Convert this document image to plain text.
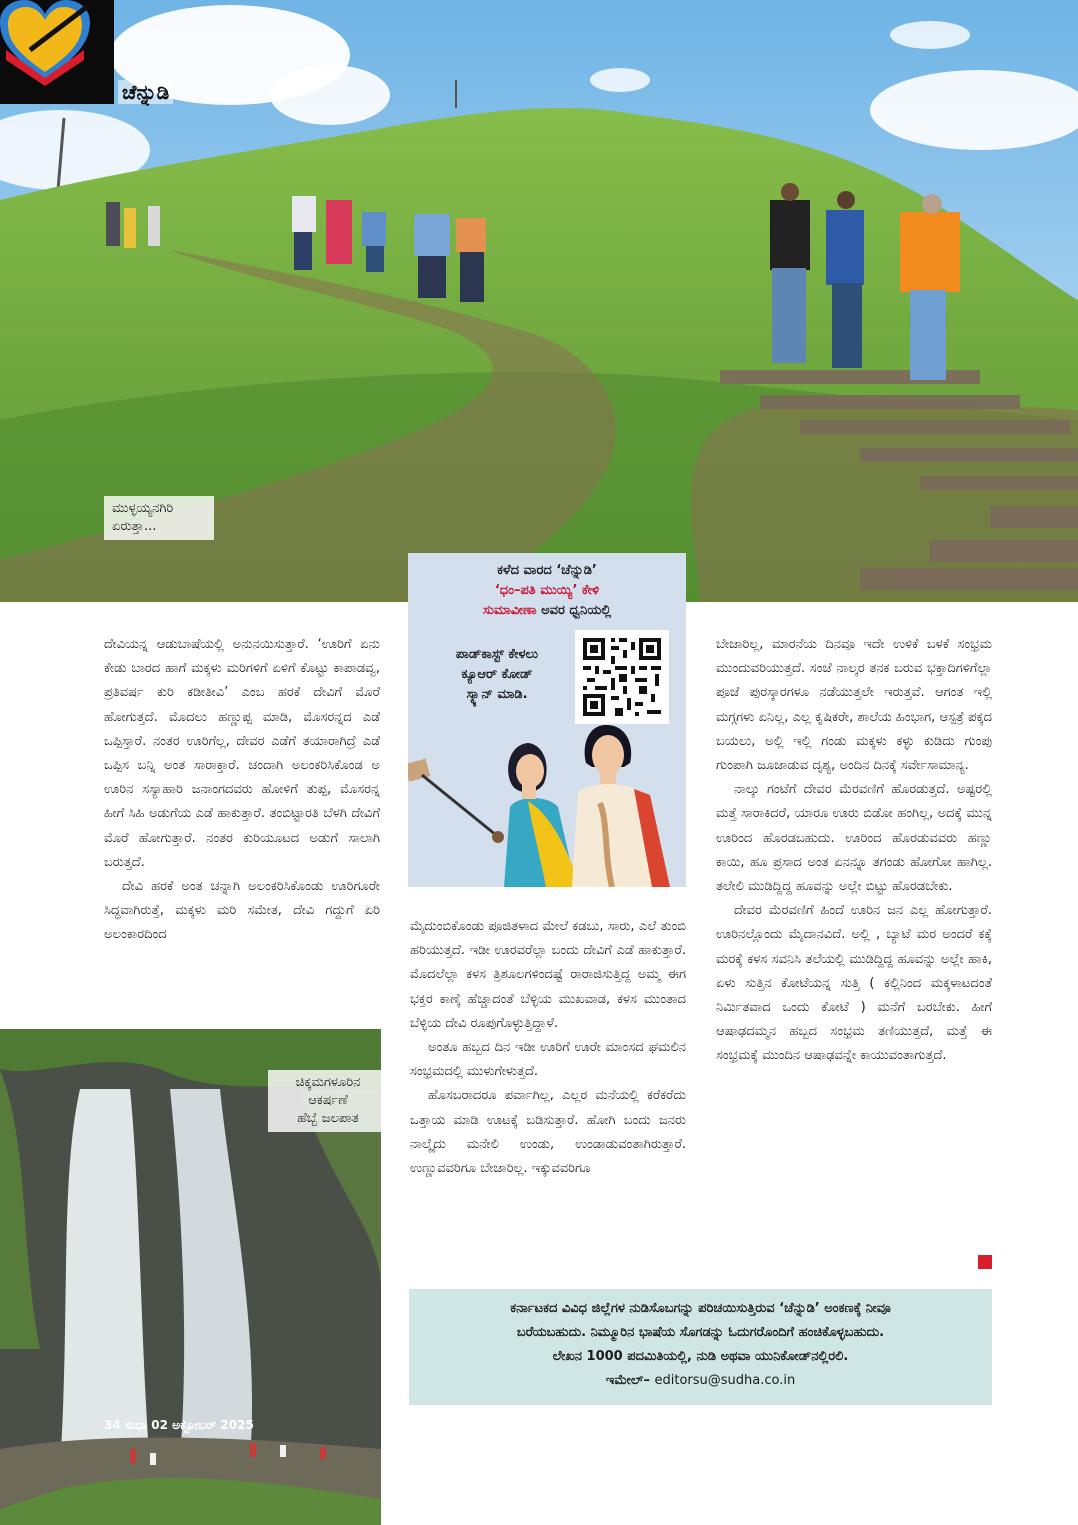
ಚೆನ್ನುಡಿ
ಮುಳ್ಳಯ್ಯನಗಿರಿ
ಏರುತ್ತಾ...
ಕಳೆದ ವಾರದ ‘ಚೆನ್ನುಡಿ’
‘ಧಂ–ಪತಿ ಮುಯ್ಯಿ’ ಕೇಳಿ
ಸುಮಾವೀಣಾ ಅವರ ಧ್ವನಿಯಲ್ಲಿ
ಪಾಡ್‌ಕಾಸ್ಟ್ ಕೇಳಲು
ಕ್ಯೂಆರ್ ಕೋಡ್
ಸ್ಕ್ಯಾನ್ ಮಾಡಿ.

ದೇವಿಯನ್ನ ಆಡುಬಾಷೆಯಲ್ಲಿ ಅನುನಯಿಸುತ್ತಾರೆ. ‘ಊರಿಗೆ ಏನು ಕೇಡು ಬಾರದ ಹಾಗೆ ಮಕ್ಕಳು ಮರಿಗಳಿಗೆ ಏಳಿಗೆ ಕೊಟ್ಟು ಕಾಪಾಡವ್ವ, ಪ್ರತಿವರ್ಷ ಕುರಿ ಕಡೀತೀವಿ’ ಎಂಬ ಹರಕೆ ದೇವಿಗೆ ಮೊರೆ ಹೋಗುತ್ತದೆ. ಮೊದಲು ಹಣ್ಣುಪ್ಪ ಮಾಡಿ, ಮೊಸರನ್ನದ ಎಡೆ ಒಪ್ಪಿಸ್ತಾರೆ. ನಂತರ ಊರಿಗೆಲ್ಲ, ದೇವರ ಎಡೆಗೆ ತಯಾರಾಗಿದ್ರೆ ಎಡೆ ಒಪ್ಪಿಸ ಬನ್ನಿ ಅಂತ ಸಾರಾಕ್ತಾರೆ. ಚಂದಾಗಿ ಅಲಂಕರಿಸಿಕೊಂಡ ಅ ಊರಿನ ಸಸ್ಯಾಹಾರಿ ಜನಾಂಗದವರು ಹೋಳಿಗೆ ತುಪ್ಪ, ಮೊಸರನ್ನ ಹೀಗೆ ಸಿಹಿ ಅಡುಗೆಯ ಎಡೆ ಹಾಕುತ್ತಾರೆ. ತಂಬಿಟ್ಟಾರತಿ ಬೆಳಗಿ ದೇವಿಗೆ ಮೊರೆ ಹೋಗುತ್ತಾರೆ. ನಂತರ ಕುರಿಯೂಟದ ಅಡುಗೆ ಸಾಲಾಗಿ ಬರುತ್ತದೆ.

ದೇವಿ ಹರಕೆ ಅಂತ ಚನ್ನಾಗಿ ಅಲಂಕರಿಸಿಕೊಂಡು ಊರಿಗೂರೇ ಸಿದ್ಧವಾಗಿರುತ್ತೆ, ಮಕ್ಕಳು ಮರಿ ಸಮೇತ, ದೇವಿ ಗದ್ದುಗೆ ಏರಿ ಅಲಂಕಾರದಿಂದ

ಮೈದುಂಬಿಕೊಂಡು ಪೂಜಿತಳಾದ ಮೇಲೆ ಕಡಬು, ಸಾರು, ಎಲೆ ತುಂಬಿ ಹರಿಯುತ್ತದೆ. ಇಡೀ ಊರವರೆಲ್ಲಾ ಬಂದು ದೇವಿಗೆ ಎಡೆ ಹಾಕುತ್ತಾರೆ. ಮೊದಲೆಲ್ಲಾ ಕಳಸ ತ್ರಿಶೂಲಗಳಿಂದಷ್ಟೆ ರಾರಾಜಿಸುತ್ತಿದ್ದ ಅಮ್ಮ ಈಗ ಭಕ್ತರ ಕಾಣ್ಕೆ ಹೆಚ್ಚಾದಂತೆ ಬೆಳ್ಳಿಯ ಮುಖವಾಡ, ಕಳಸ ಮುಂತಾದ ಬೆಳ್ಳಿಯ ದೇವಿ ರೂಪುಗೊಳ್ಳುತ್ತಿದ್ದಾಳೆ.

ಅಂತೂ ಹಬ್ಬದ ದಿನ ಇಡೀ ಊರಿಗೆ ಊರೇ ಮಾಂಸದ ಘಮಲಿನ ಸಂಭ್ರಮದಲ್ಲಿ ಮುಳುಗೇಳುತ್ತದೆ.

ಹೊಸಬರಾದರೂ ಪರ್ವಾಗಿಲ್ಲ, ಎಲ್ಲರ ಮನೆಯಲ್ಲಿ ಕರೆಕರೆದು ಒತ್ತಾಯ ಮಾಡಿ ಊಟಕ್ಕೆ ಬಡಿಸುತ್ತಾರೆ. ಹೋಗಿ ಬಂದು ಜನರು ನಾಲ್ಕೈದು ಮನೇಲಿ ಉಂಡು, ಉಂಡಾಡುವಂತಾಗಿರುತ್ತಾರೆ. ಉಣ್ಣುವವರಿಗೂ ಬೇಜಾರಿಲ್ಲ. ಇಕ್ಕುವವರಿಗೂ

ಬೇಜಾರಿಲ್ಲ, ಮಾರನೆಯ ದಿನವೂ ಇದೇ ಉಳಿಕೆ ಬಳಕೆ ಸಂಭ್ರಮ ಮುಂದುವರಿಯುತ್ತದೆ. ಸಂಜೆ ನಾಲ್ಕರ ತನಕ ಬರುವ ಭಕ್ತಾದಿಗಳಿಗೆಲ್ಲಾ ಪೂಜೆ ಪುರಸ್ಕಾರಗಳೂ ನಡೆಯುತ್ತಲೇ ಇರುತ್ತವೆ. ಆಗಂತ ಇಲ್ಲಿ ಮಗ್ಗಗಳು ಏನಿಲ್ಲ, ಎಲ್ಲ ಕೃಷಿಕರೇ, ಶಾಲೆಯ ಹಿಂಭಾಗ, ಆಸ್ಪತ್ರೆ ಪಕ್ಕದ ಬಯಲು, ಅಲ್ಲಿ ಇಲ್ಲಿ ಗಂಡು ಮಕ್ಕಳು ಕಳ್ಳು ಕುಡಿದು ಗುಂಪು ಗುಂಪಾಗಿ ಜೂಜಾಡುವ ದೃಶ್ಯ, ಅಂದಿನ ದಿನಕ್ಕೆ ಸರ್ವೇಸಾಮಾನ್ಯ.

ನಾಲ್ಕು ಗಂಟೆಗೆ ದೇವರ ಮೆರವಣಿಗೆ ಹೊರಡುತ್ತದೆ. ಅಷ್ಟರಲ್ಲಿ ಮತ್ತೆ ಸಾರಾಕಿದರೆ, ಯಾರೂ ಊರು ಬಿಡೋ ಹಂಗಿಲ್ಲ, ಅದಕ್ಕೆ ಮುನ್ನ ಊರಿಂದ ಹೊರಡಬಹುದು. ಊರಿಂದ ಹೊರಡುವವರು ಹಣ್ಣು ಕಾಯಿ, ಹೂ ಪ್ರಸಾದ ಅಂತ ಏನನ್ನೂ ತಗಂಡು ಹೋಗೋ ಹಾಗಿಲ್ಲ. ತಲೇಲಿ ಮುಡಿದ್ದಿದ್ದ ಹೂವನ್ನು ಅಲ್ಲೇ ಬಿಟ್ಟು ಹೊರಡಬೇಕು.

ದೇವರ ಮೆರವಣಿಗೆ ಹಿಂದೆ ಊರಿನ ಜನ ಎಲ್ಲ ಹೋಗುತ್ತಾರೆ. ಊರಿನಲ್ಲೊಂದು ಮೈದಾನವಿದೆ. ಅಲ್ಲಿ , ಬ್ಯಾಟೆ ಮರ ಅಂದರೆ ಕಕ್ಕೆ ಮರಕ್ಕೆ ಕಳಸ ಸವನಿಸಿ ತಲೆಯಲ್ಲಿ ಮುಡಿದ್ದಿದ್ದ ಹೂವನ್ನು ಅಲ್ಲೇ ಹಾಕಿ, ಏಳು ಸುತ್ತಿನ ಕೋಟೆಯನ್ನ ಸುತ್ತಿ ( ಕಲ್ಲಿನಿಂದ ಮಕ್ಕಳಾಟದಂತೆ ನಿರ್ಮಿತವಾದ ಒಂದು ಕೋಟೆ ) ಮನೆಗೆ ಬರಬೇಕು. ಹೀಗೆ ಆಷಾಢದಮ್ಮನ ಹಬ್ಬದ ಸಂಭ್ರಮ ತಣಿಯುತ್ತದೆ, ಮತ್ತೆ ಈ ಸಂಭ್ರಮಕ್ಕೆ ಮುಂದಿನ ಆಷಾಢವನ್ನೇ ಕಾಯುವಂತಾಗುತ್ತದೆ.

ಚಿಕ್ಕಮಗಳೂರಿನ
ಆಕರ್ಷಣೆ
ಹೆಬ್ಬೆ ಜಲಪಾತ
34 ಸುಧಾ 02 ಅಕ್ಟೋಬರ್ 2025
ಕರ್ನಾಟಕದ ವಿವಿಧ ಜಿಲ್ಲೆಗಳ ನುಡಿಸೊಬಗನ್ನು ಪರಿಚಯಿಸುತ್ತಿರುವ ‘ಚೆನ್ನುಡಿ’ ಅಂಕಣಕ್ಕೆ ನೀವೂ
ಬರೆಯಬಹುದು. ನಿಮ್ಮೂರಿನ ಭಾಷೆಯ ಸೊಗಡನ್ನು ಓದುಗರೊಂದಿಗೆ ಹಂಚಿಕೊಳ್ಳಬಹುದು.
ಲೇಖನ 1000 ಪದಮಿತಿಯಲ್ಲಿ, ನುಡಿ ಅಥವಾ ಯುನಿಕೋಡ್‌ನಲ್ಲಿರಲಿ.
ಇಮೇಲ್– editorsu@sudha.co.in
